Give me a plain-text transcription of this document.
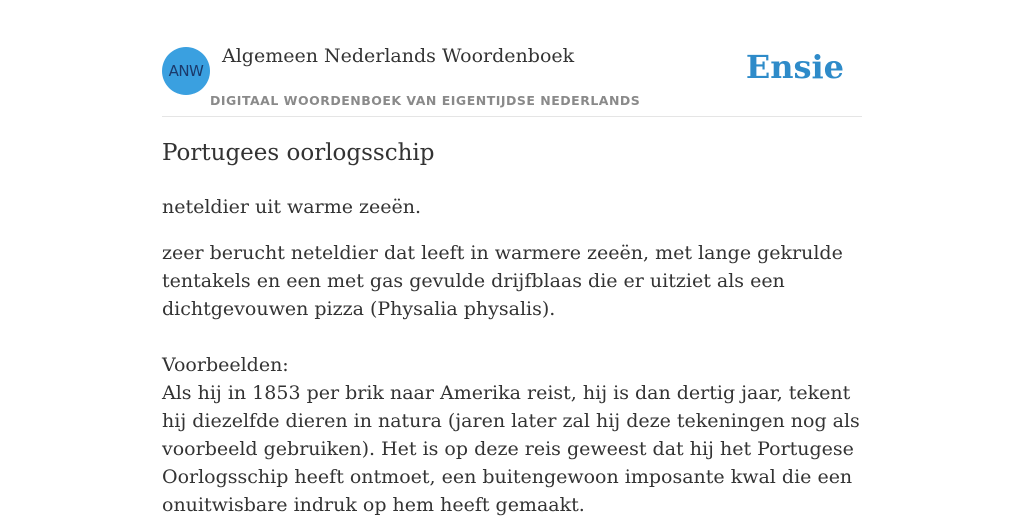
ANW
Algemeen Nederlands Woordenboek
DIGITAAL WOORDENBOEK VAN EIGENTIJDSE NEDERLANDS
Ensie
Portugees oorlogsschip

neteldier uit warme zeeën.

zeer berucht neteldier dat leeft in warmere zeeën, met lange gekrulde tentakels en een met gas gevulde drijfblaas die er uitziet als een dichtgevouwen pizza (Physalia physalis).

Voorbeelden:

Als hij in 1853 per brik naar Amerika reist, hij is dan dertig jaar, tekent hij diezelfde dieren in natura (jaren later zal hij deze tekeningen nog als voorbeeld gebruiken). Het is op deze reis geweest dat hij het Portugese Oorlogsschip heeft ontmoet, een buitengewoon imposante kwal die een onuitwisbare indruk op hem heeft gemaakt.
